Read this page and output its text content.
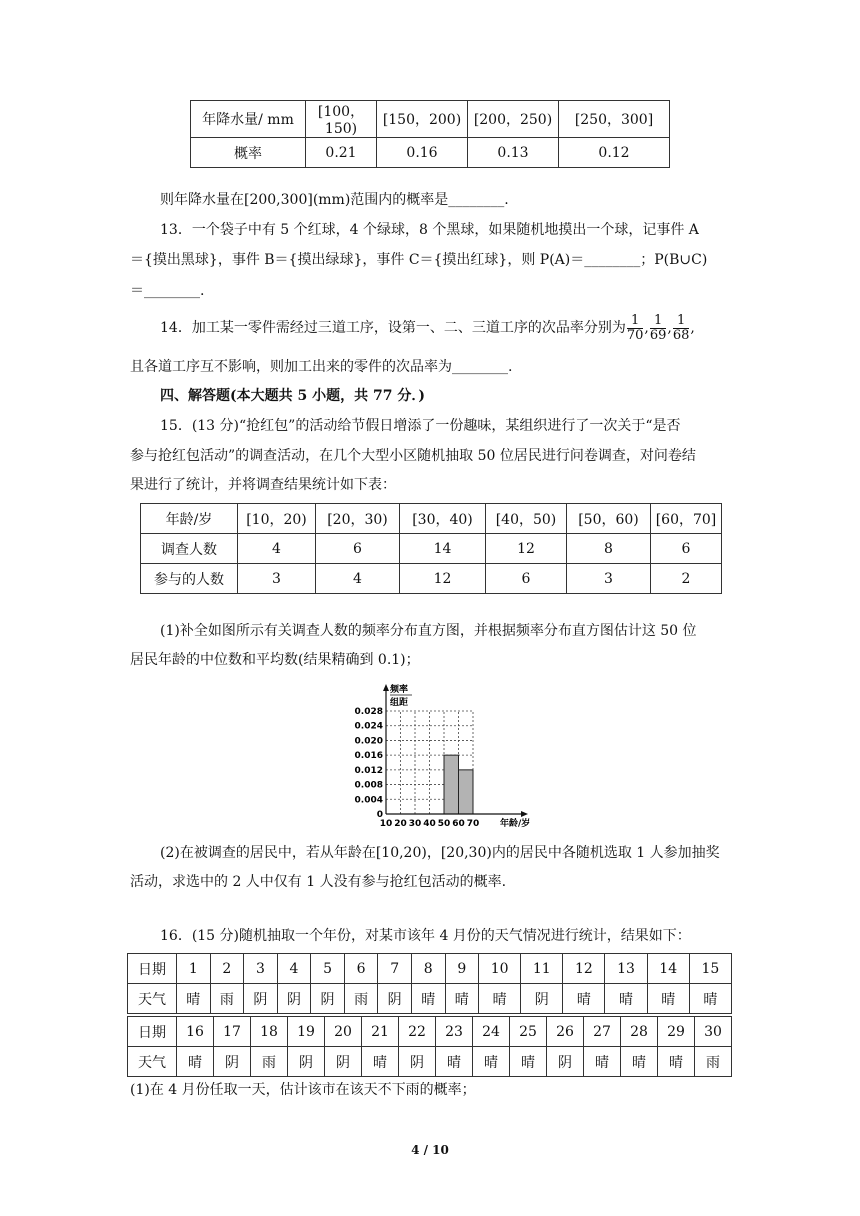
年降水量/ mm	[100，150)	[150，200)	[200，250)	[250，300]
概率	0.21	0.16	0.13	0.12
则年降水量在[200,300](mm)范围内的概率是________.
13．一个袋子中有 5 个红球，4 个绿球，8 个黑球，如果随机地摸出一个球，记事件 A
＝{摸出黑球}，事件 B＝{摸出绿球}，事件 C＝{摸出红球}，则 P(A)＝________；P(B∪C)
＝________.
14．加工某一零件需经过三道工序，设第一、二、三道工序的次品率分别为 $\frac{1}{70}$ , $\frac{1}{69}$ , $\frac{1}{68}$ ,
且各道工序互不影响，则加工出来的零件的次品率为________.
四、解答题(本大题共 5 小题，共 77 分．)
15．(13 分)“抢红包”的活动给节假日增添了一份趣味，某组织进行了一次关于“是否
参与抢红包活动”的调查活动，在几个大型小区随机抽取 50 位居民进行问卷调查，对问卷结
果进行了统计，并将调查结果统计如下表：
年龄/岁	[10，20)	[20，30)	[30，40)	[40，50)	[50，60)	[60，70]
调查人数	4	6	14	12	8	6
参与的人数	3	4	12	6	3	2
(1)补全如图所示有关调查人数的频率分布直方图，并根据频率分布直方图估计这 50 位
居民年龄的中位数和平均数(结果精确到 0.1)；
0
0.004
0.008
0.012
0.016
0.020
0.024
0.028
10 20 30 40 50 60 70 年龄/岁
频率
组距
(2)在被调查的居民中，若从年龄在[10,20)，[20,30)内的居民中各随机选取 1 人参加抽奖
活动，求选中的 2 人中仅有 1 人没有参与抢红包活动的概率.
16．(15 分)随机抽取一个年份，对某市该年 4 月份的天气情况进行统计，结果如下：
日期	1	2	3	4	5	6	7	8	9	10	11	12	13	14	15
天气	晴	雨	阴	阴	阴	雨	阴	晴	晴	晴	阴	晴	晴	晴	晴
日期	16	17	18	19	20	21	22	23	24	25	26	27	28	29	30
天气	晴	阴	雨	阴	阴	晴	阴	晴	晴	晴	阴	晴	晴	晴	雨
(1)在 4 月份任取一天，估计该市在该天不下雨的概率；
4 / 10
